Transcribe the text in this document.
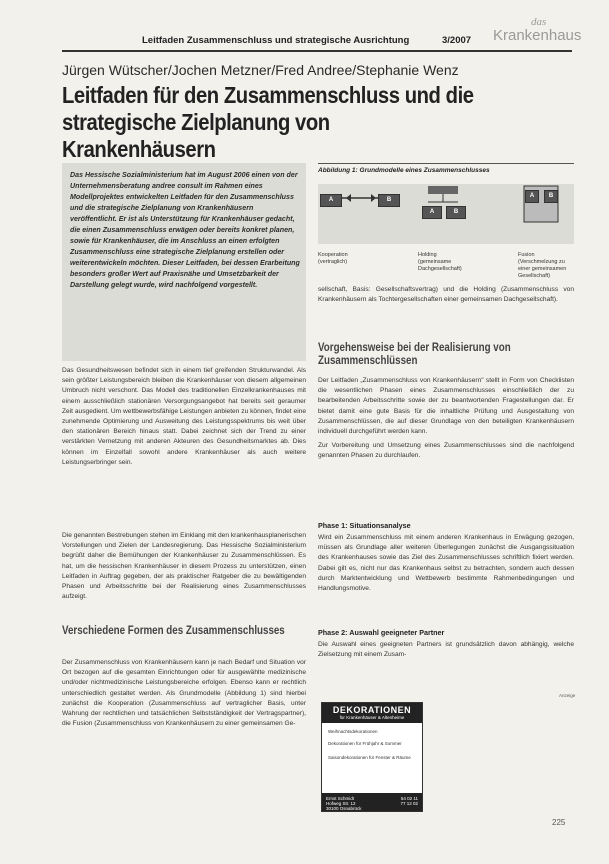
Leitfaden Zusammenschluss und strategische Ausrichtung	3/2007
das
Krankenhaus
Jürgen Wütscher/Jochen Metzner/Fred Andree/Stephanie Wenz
Leitfaden für den Zusammenschluss und die strategische Zielplanung von Krankenhäusern
Das Hessische Sozialministerium hat im August 2006 einen von der Unternehmensberatung andree consult im Rahmen eines Modellprojektes entwickelten Leitfaden für den Zusammenschluss und die strategische Zielplanung von Krankenhäusern veröffentlicht. Er ist als Unterstützung für Krankenhäuser gedacht, die einen Zusammenschluss erwägen oder bereits konkret planen, sowie für Krankenhäuser, die im Anschluss an einen erfolgten Zusammenschluss eine strategische Zielplanung erstellen oder weiterentwickeln möchten. Dieser Leitfaden, bei dessen Erarbeitung besonders großer Wert auf Praxisnähe und Umsetzbarkeit der Darstellung gelegt wurde, wird nachfolgend vorgestellt.
Abbildung 1: Grundmodelle eines Zusammenschlusses
A	B
A	B
A	B
Kooperation
(vertraglich)
Holding
(gemeinsame Dachgesellschaft)
Fusion
(Verschmelzung zu einer gemeinsamen Gesellschaft)

Das Gesundheitswesen befindet sich in einem tief greifenden Strukturwandel. Als sein größter Leistungsbereich bleiben die Krankenhäuser von diesem allgemeinen Umbruch nicht verschont. Das Modell des traditionellen Einzelkrankenhauses mit einem ausschließlich stationären Versorgungsangebot hat bereits seit geraumer Zeit ausgedient. Um wettbewerbsfähige Leistungen anbieten zu können, findet eine zunehmende Optimierung und Ausweitung des Leistungsspektrums bis weit über den stationären Bereich hinaus statt. Dabei zeichnet sich der Trend zu einer verstärkten Vernetzung mit anderen Akteuren des Gesundheitsmarktes ab. Dies können im Einzelfall sowohl andere Krankenhäuser als auch weitere Leistungserbringer sein.

Die genannten Bestrebungen stehen im Einklang mit den krankenhausplanerischen Vorstellungen und Zielen der Landesregierung. Das Hessische Sozialministerium begrüßt daher die Bemühungen der Krankenhäuser zu Zusammenschlüssen. Es hat, um die hessischen Krankenhäuser in diesem Prozess zu unterstützen, einen Leitfaden in Auftrag gegeben, der als praktischer Ratgeber die zu bewältigenden Phasen und Arbeitsschritte bei der Realisierung eines Zusammenschlusses aufzeigt.

Verschiedene Formen des Zusammenschlusses

Der Zusammenschluss von Krankenhäusern kann je nach Bedarf und Situation vor Ort bezogen auf die gesamten Einrichtungen oder für ausgewählte medizinische und/oder nichtmedizinische Leistungsbereiche erfolgen. Ebenso kann er rechtlich unterschiedlich gestaltet werden. Als Grundmodelle (Abbildung 1) sind hierbei zunächst die Kooperation (Zusammenschluss auf vertraglicher Basis, unter Wahrung der rechtlichen und tatsächlichen Selbstständigkeit der Vertragspartner), die Fusion (Zusammenschluss von Krankenhäusern zu einer gemeinsamen Ge-

sellschaft, Basis: Gesellschaftsvertrag) und die Holding (Zusammenschluss von Krankenhäusern als Tochtergesellschaften einer gemeinsamen Dachgesellschaft).

Vorgehensweise bei der Realisierung von Zusammenschlüssen

Der Leitfaden „Zusammenschluss von Krankenhäusern" stellt in Form von Checklisten die wesentlichen Phasen eines Zusammenschlusses einschließlich der zu bearbeitenden Arbeitsschritte sowie der zu beantwortenden Fragestellungen dar. Er bietet damit eine gute Basis für die inhaltliche Prüfung und Ausgestaltung von Zusammenschlüssen, die auf dieser Grundlage von den beteiligten Krankenhäusern individuell durchgeführt werden kann.

Zur Vorbereitung und Umsetzung eines Zusammenschlusses sind die nachfolgend genannten Phasen zu durchlaufen.

Phase 1: Situationsanalyse

Wird ein Zusammenschluss mit einem anderen Krankenhaus in Erwägung gezogen, müssen als Grundlage aller weiteren Überlegungen zunächst die Ausgangssituation des Krankenhauses sowie das Ziel des Zusammenschlusses schriftlich fixiert werden. Dabei gilt es, nicht nur das Krankenhaus selbst zu betrachten, sondern auch dessen durch Marktentwicklung und Wettbewerb bestimmte Rahmenbedingungen und Handlungsmotive.

Phase 2: Auswahl geeigneter Partner

Die Auswahl eines geeigneten Partners ist grundsätzlich davon abhängig, welche Zielsetzung mit einem Zusam-

Anzeige
DEKORATIONEN
für Krankenhäuser & Altenheime
Weihnachtsdekorationen
Dekorationen für Frühjahr & Sommer
Saisondekorationen für Fenster & Räume
Ernst Schmidt
Hofweg Str. 12
30100 Osnabrück
54 02 11
77 12 02
225
